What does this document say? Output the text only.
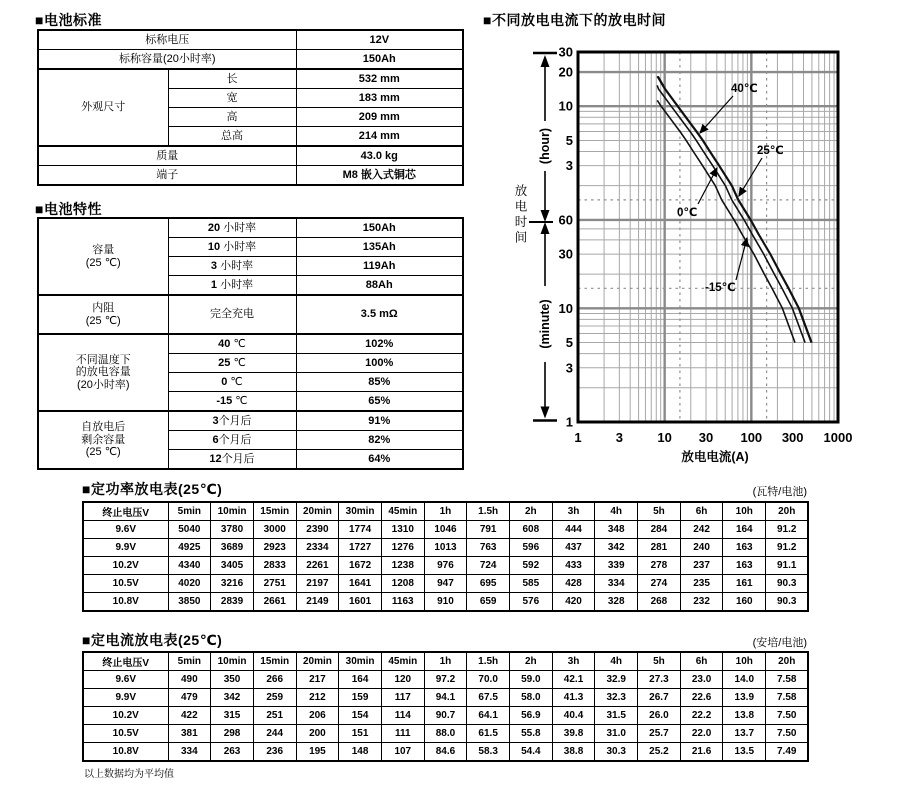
■电池标准
标称电压		12V
标称容量(20小时率)		150Ah
外观尺寸	长	532 mm
	宽	183 mm
	高	209 mm
	总高	214 mm
质量		43.0 kg
端子		M8 嵌入式铜芯
■电池特性
容量
(25 ℃)	20 小时率	150Ah
	10 小时率	135Ah
	3 小时率	119Ah
	1 小时率	88Ah
内阻
(25 ℃)	完全充电	3.5 mΩ
不同温度下
的放电容量
(20小时率)	40 ℃	102%
	25 ℃	100%
	0 ℃	85%
	-15 ℃	65%
自放电后
剩余容量
(25 ℃)	3个月后	91%
	6个月后	82%
	12个月后	64%
■不同放电电流下的放电时间
40℃
25℃
0℃
-15℃
1	3	10 30 100 300 1000
放电电流(A)
30
20
10
5
3
60
30
10
5
3
1
(hour)
(minute)
放
电
时
间
■定功率放电表(25℃)	(瓦特/电池)
终止电压V	5min	10min	15min	20min	30min	45min	1h	1.5h	2h	3h	4h	5h	6h	10h	20h
9.6V	5040	3780	3000	2390	1774	1310	1046	791	608	444	348	284	242	164	91.2
9.9V	4925	3689	2923	2334	1727	1276	1013	763	596	437	342	281	240	163	91.2
10.2V	4340	3405	2833	2261	1672	1238	976	724	592	433	339	278	237	163	91.1
10.5V	4020	3216	2751	2197	1641	1208	947	695	585	428	334	274	235	161	90.3
10.8V	3850	2839	2661	2149	1601	1163	910	659	576	420	328	268	232	160	90.3
■定电流放电表(25℃)	(安培/电池)
终止电压V	5min	10min	15min	20min	30min	45min	1h	1.5h	2h	3h	4h	5h	6h	10h	20h
9.6V	490	350	266	217	164	120	97.2	70.0	59.0	42.1	32.9	27.3	23.0	14.0	7.58
9.9V	479	342	259	212	159	117	94.1	67.5	58.0	41.3	32.3	26.7	22.6	13.9	7.58
10.2V	422	315	251	206	154	114	90.7	64.1	56.9	40.4	31.5	26.0	22.2	13.8	7.50
10.5V	381	298	244	200	151	111	88.0	61.5	55.8	39.8	31.0	25.7	22.0	13.7	7.50
10.8V	334	263	236	195	148	107	84.6	58.3	54.4	38.8	30.3	25.2	21.6	13.5	7.49
以上数据均为平均值
